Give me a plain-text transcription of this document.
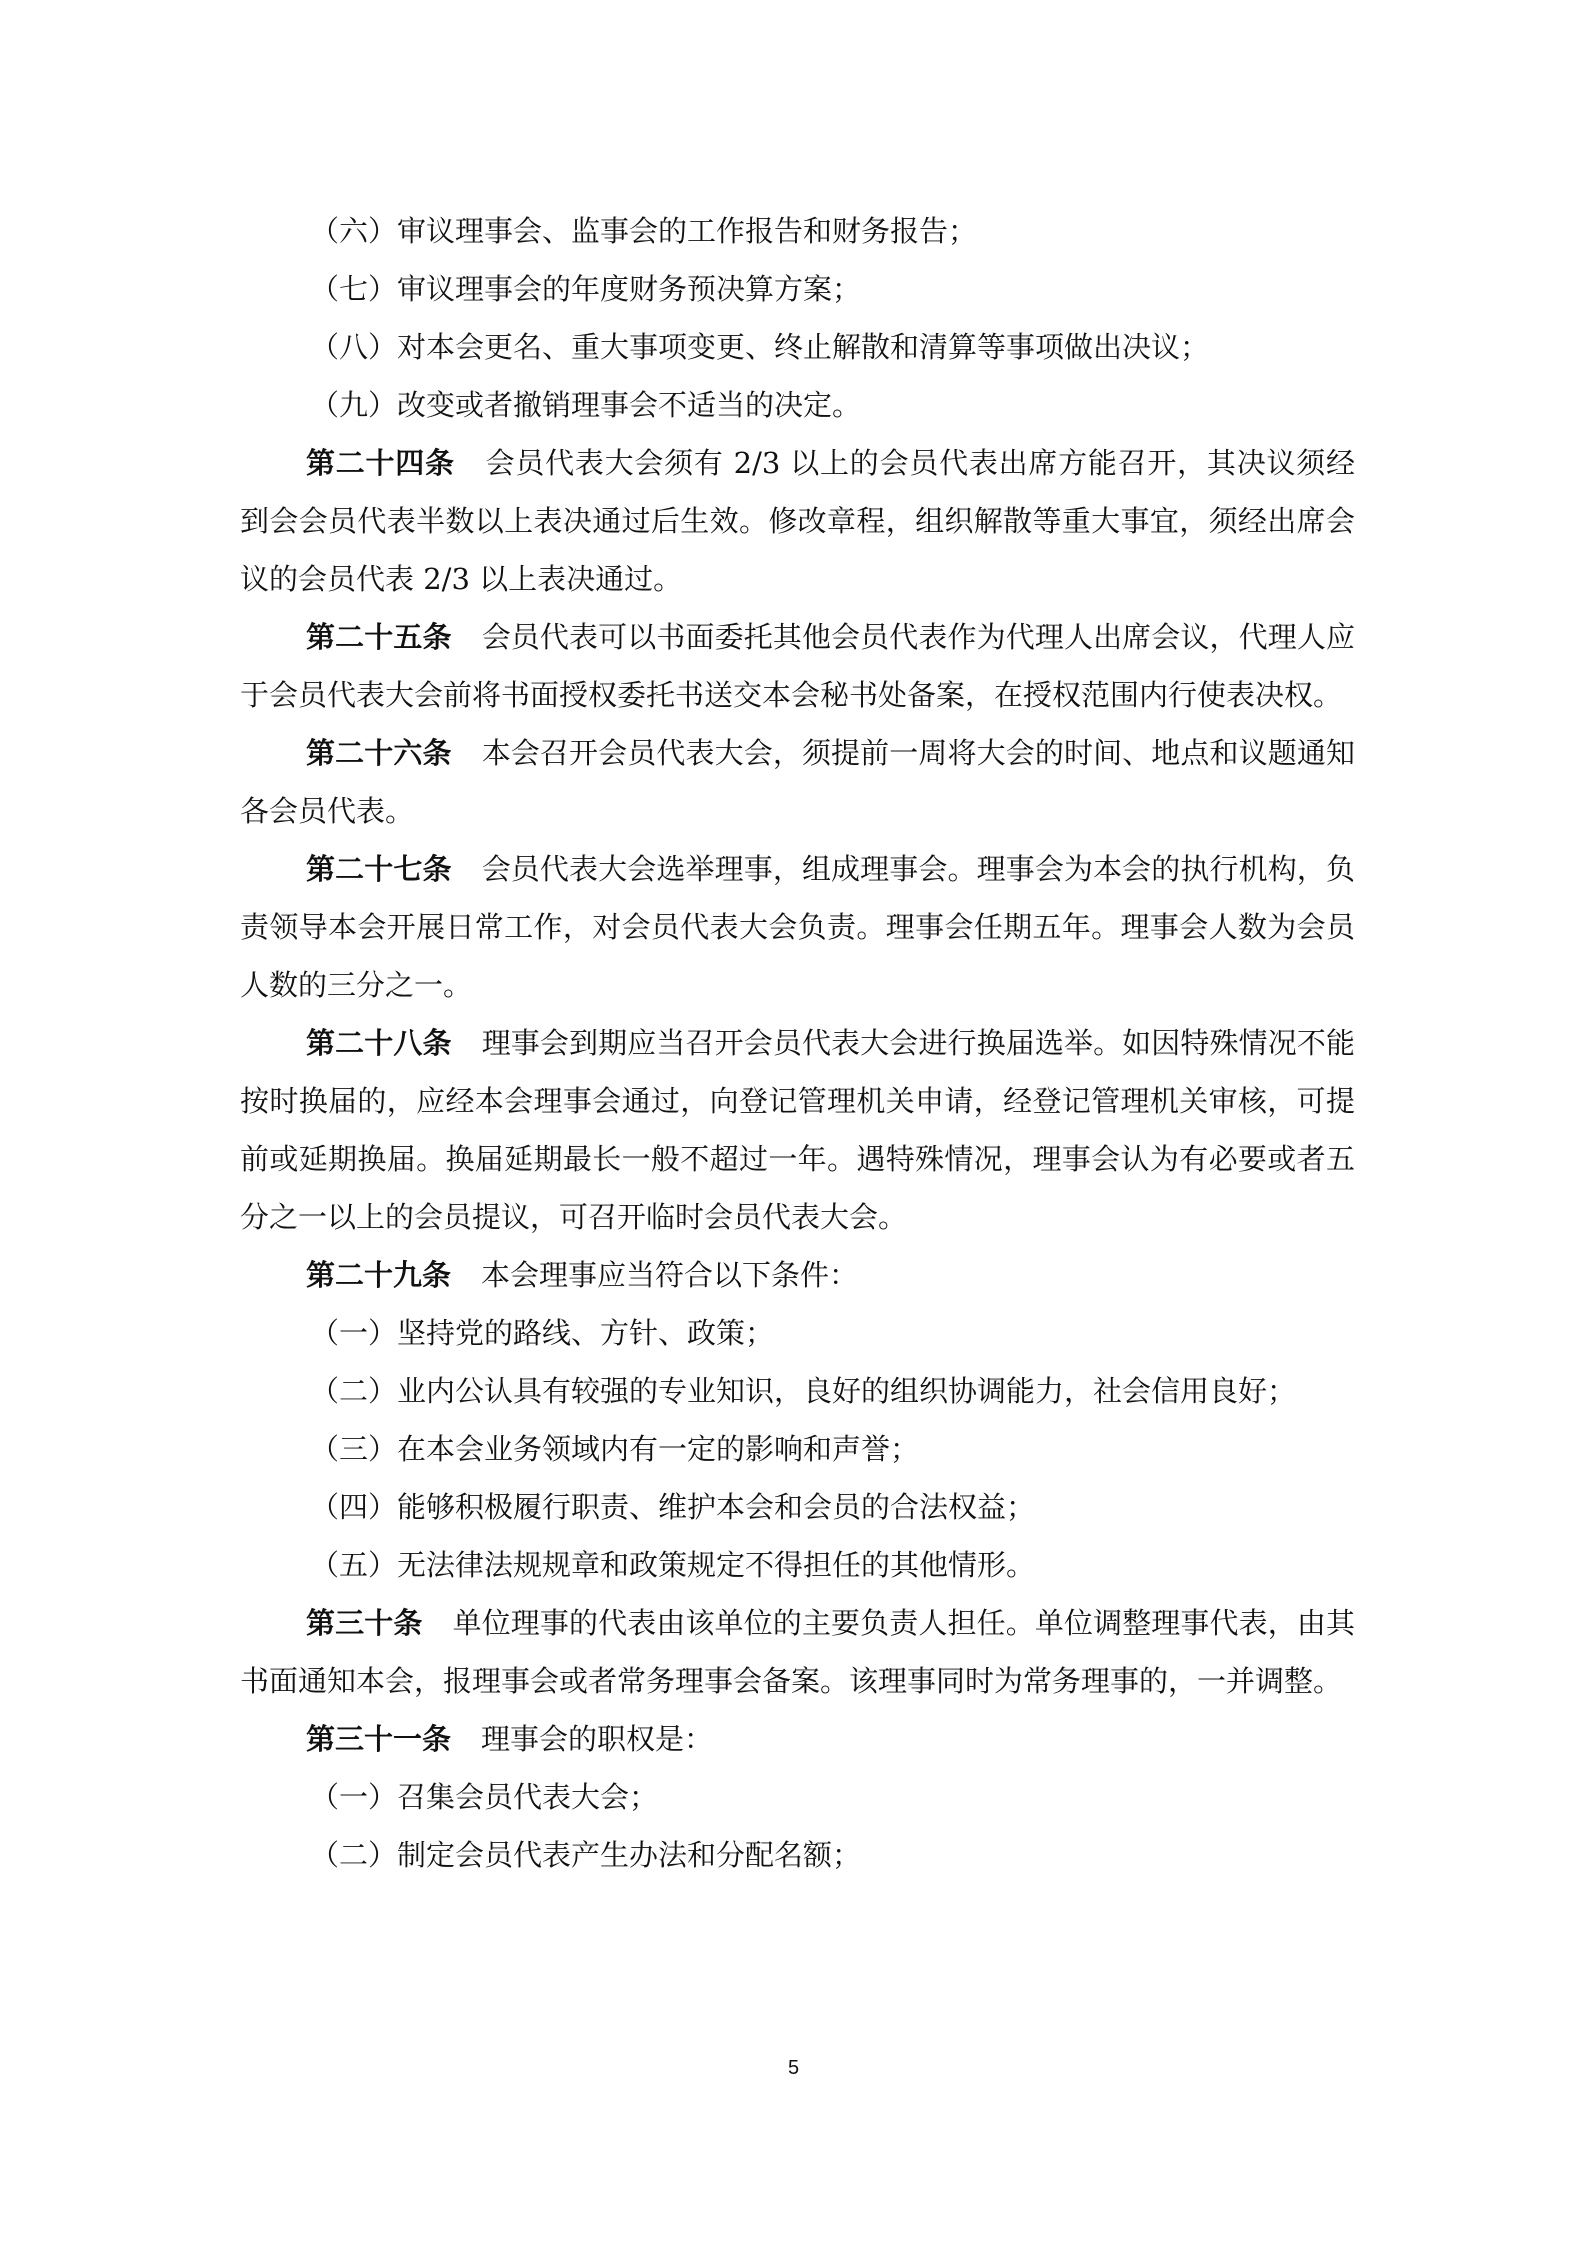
（六）审议理事会、监事会的工作报告和财务报告；

（七）审议理事会的年度财务预决算方案；

（八）对本会更名、重大事项变更、终止解散和清算等事项做出决议；

（九）改变或者撤销理事会不适当的决定。

第二十四条 会员代表大会须有 2/3 以上的会员代表出席方能召开，其决议须经到会会员代表半数以上表决通过后生效。修改章程，组织解散等重大事宜，须经出席会议的会员代表 2/3 以上表决通过。

第二十五条 会员代表可以书面委托其他会员代表作为代理人出席会议，代理人应于会员代表大会前将书面授权委托书送交本会秘书处备案，在授权范围内行使表决权。

第二十六条 本会召开会员代表大会，须提前一周将大会的时间、地点和议题通知各会员代表。

第二十七条 会员代表大会选举理事，组成理事会。理事会为本会的执行机构，负责领导本会开展日常工作，对会员代表大会负责。理事会任期五年。理事会人数为会员人数的三分之一。

第二十八条 理事会到期应当召开会员代表大会进行换届选举。如因特殊情况不能按时换届的，应经本会理事会通过，向登记管理机关申请，经登记管理机关审核，可提前或延期换届。换届延期最长一般不超过一年。遇特殊情况，理事会认为有必要或者五分之一以上的会员提议，可召开临时会员代表大会。

第二十九条 本会理事应当符合以下条件：

（一）坚持党的路线、方针、政策；

（二）业内公认具有较强的专业知识，良好的组织协调能力，社会信用良好；

（三）在本会业务领域内有一定的影响和声誉；

（四）能够积极履行职责、维护本会和会员的合法权益；

（五）无法律法规规章和政策规定不得担任的其他情形。

第三十条 单位理事的代表由该单位的主要负责人担任。单位调整理事代表，由其书面通知本会，报理事会或者常务理事会备案。该理事同时为常务理事的，一并调整。

第三十一条 理事会的职权是：

（一）召集会员代表大会；

（二）制定会员代表产生办法和分配名额；

5
